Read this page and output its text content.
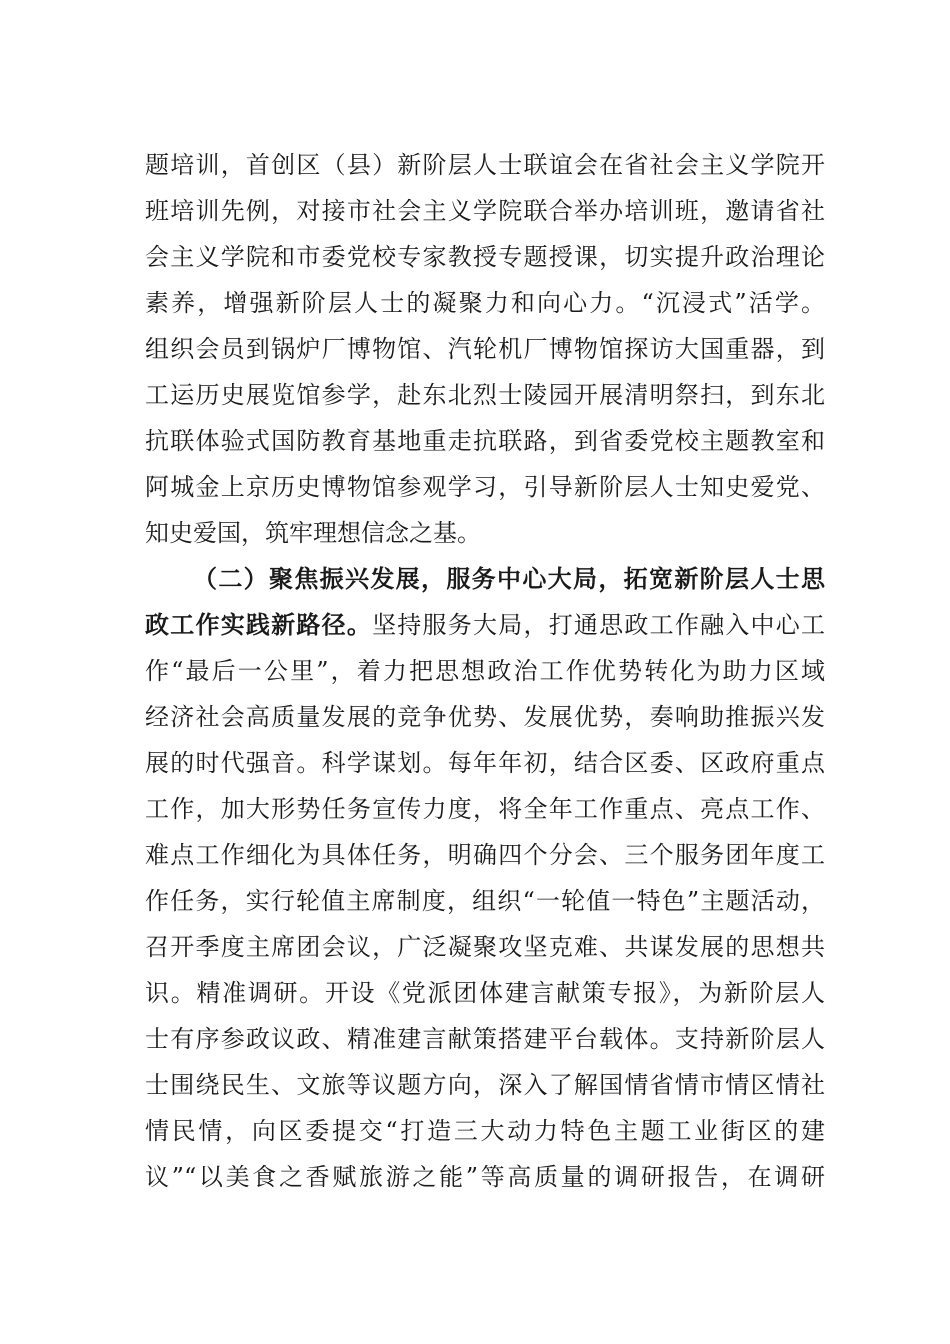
题培训，首创区（县）新阶层人士联谊会在省社会主义学院开
班培训先例，对接市社会主义学院联合举办培训班，邀请省社
会主义学院和市委党校专家教授专题授课，切实提升政治理论
素养，增强新阶层人士的凝聚力和向心力。“沉浸式”活学。
组织会员到锅炉厂博物馆、汽轮机厂博物馆探访大国重器，到
工运历史展览馆参学，赴东北烈士陵园开展清明祭扫，到东北
抗联体验式国防教育基地重走抗联路，到省委党校主题教室和
阿城金上京历史博物馆参观学习，引导新阶层人士知史爱党、
知史爱国，筑牢理想信念之基。
（二）聚焦振兴发展，服务中心大局，拓宽新阶层人士思
政工作实践新路径。坚持服务大局，打通思政工作融入中心工
作“最后一公里”，着力把思想政治工作优势转化为助力区域
经济社会高质量发展的竞争优势、发展优势，奏响助推振兴发
展的时代强音。科学谋划。每年年初，结合区委、区政府重点
工作，加大形势任务宣传力度，将全年工作重点、亮点工作、
难点工作细化为具体任务，明确四个分会、三个服务团年度工
作任务，实行轮值主席制度，组织“一轮值一特色”主题活动，
召开季度主席团会议，广泛凝聚攻坚克难、共谋发展的思想共
识。精准调研。开设《党派团体建言献策专报》，为新阶层人
士有序参政议政、精准建言献策搭建平台载体。支持新阶层人
士围绕民生、文旅等议题方向，深入了解国情省情市情区情社
情民情，向区委提交“打造三大动力特色主题工业街区的建
议”“以美食之香赋旅游之能”等高质量的调研报告，在调研
